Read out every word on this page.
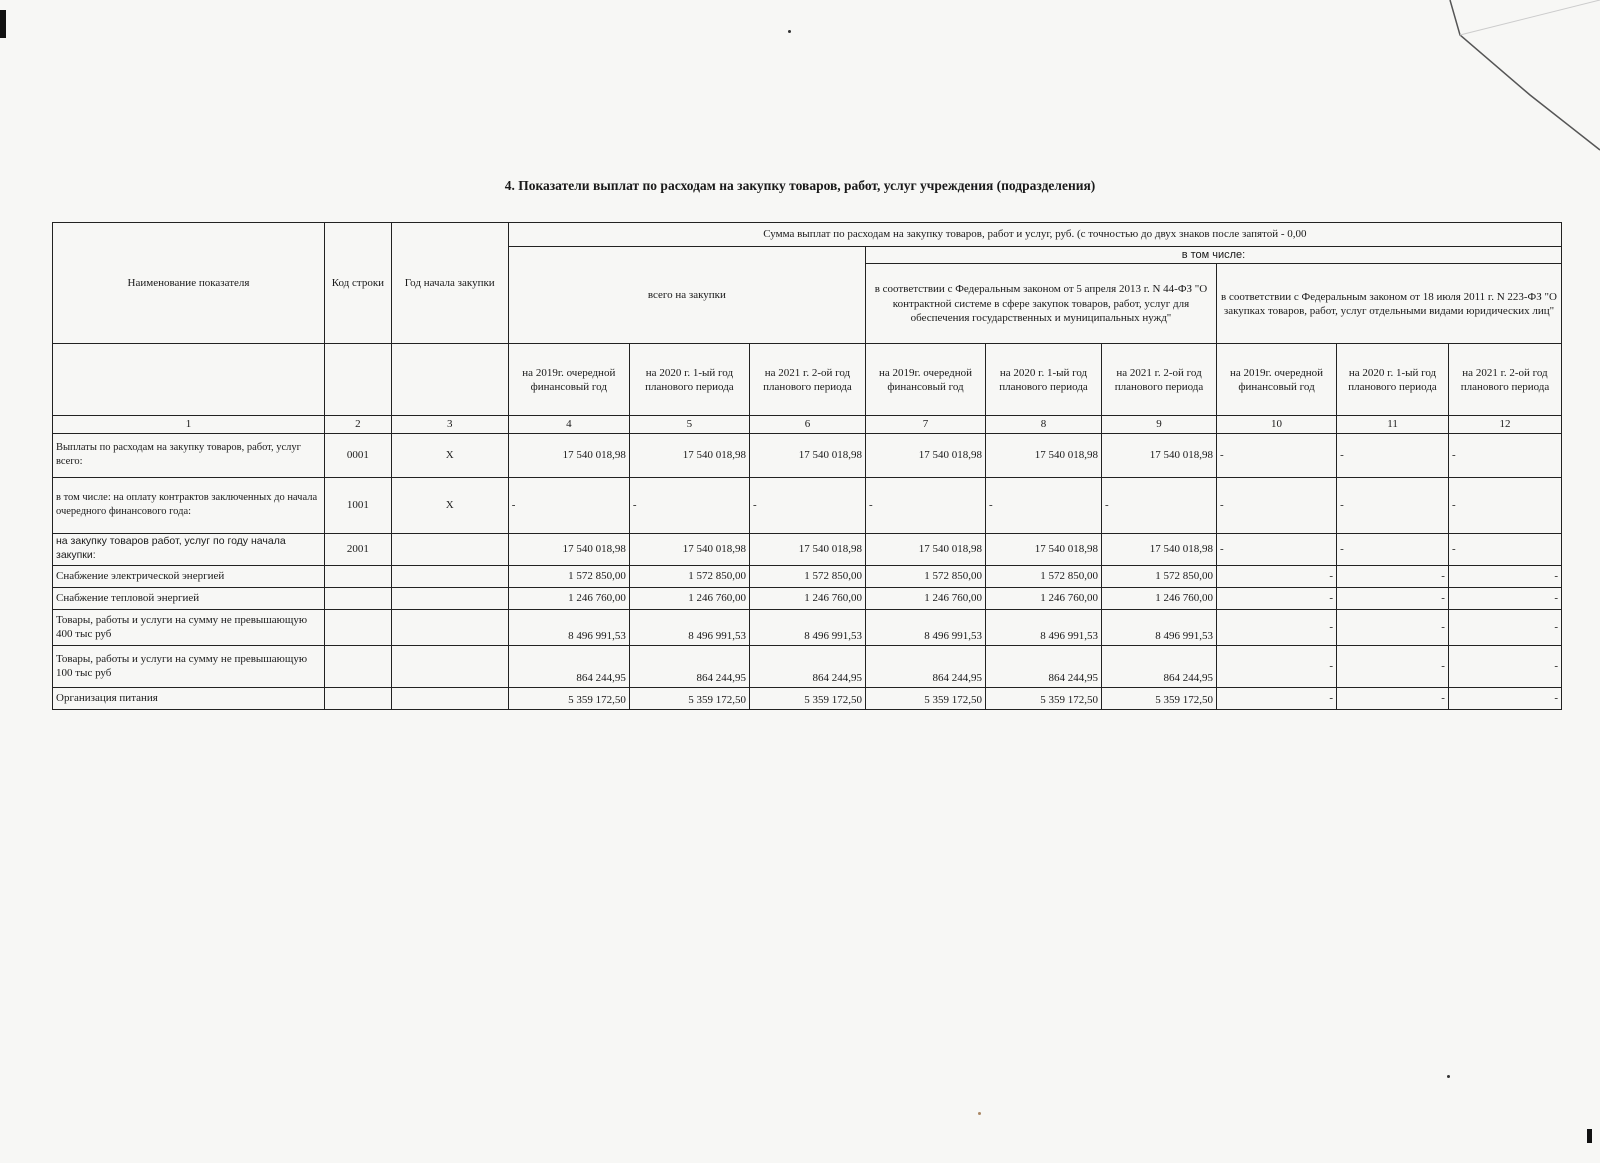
4. Показатели выплат по расходам на закупку товаров, работ, услуг учреждения (подразделения)
Наименование показателя	Код строки	Год начала закупки	Сумма выплат по расходам на закупку товаров, работ и услуг, руб. (с точностью до двух знаков после запятой - 0,00								
			всего на закупки			в том числе:					
						в соответствии с Федеральным законом от 5 апреля 2013 г. N 44-ФЗ "О контрактной системе в сфере закупок товаров, работ, услуг для обеспечения государственных и муниципальных нужд"			в соответствии с Федеральным законом от 18 июля 2011 г. N 223-ФЗ "О закупках товаров, работ, услуг отдельными видами юридических лиц"		
			на 2019г. очередной финансовый год	на 2020 г. 1-ый год планового периода	на 2021 г. 2-ой год планового периода	на 2019г. очередной финансовый год	на 2020 г. 1-ый год планового периода	на 2021 г. 2-ой год планового периода	на 2019г. очередной финансовый год	на 2020 г. 1-ый год планового периода	на 2021 г. 2-ой год планового периода
1	2	3	4	5	6	7	8	9	10	11	12
Выплаты по расходам на закупку товаров, работ, услуг всего:	0001	X	17 540 018,98	17 540 018,98	17 540 018,98	17 540 018,98	17 540 018,98	17 540 018,98	-	-	-
в том числе: на оплату контрактов заключенных до начала очередного финансового года:	1001	X	-	-	-	-	-	-	-	-	-
на закупку товаров работ, услуг по году начала закупки:	2001		17 540 018,98	17 540 018,98	17 540 018,98	17 540 018,98	17 540 018,98	17 540 018,98	-	-	-
Снабжение электрической энергией			1 572 850,00	1 572 850,00	1 572 850,00	1 572 850,00	1 572 850,00	1 572 850,00	-	-	-
Снабжение тепловой энергией			1 246 760,00	1 246 760,00	1 246 760,00	1 246 760,00	1 246 760,00	1 246 760,00	-	-	-
Товары, работы и услуги на сумму не превышающую 400 тыс руб			8 496 991,53	8 496 991,53	8 496 991,53	8 496 991,53	8 496 991,53	8 496 991,53	-	-	-
Товары, работы и услуги на сумму не превышающую 100 тыс руб			864 244,95	864 244,95	864 244,95	864 244,95	864 244,95	864 244,95	-	-	-
Организация питания			5 359 172,50	5 359 172,50	5 359 172,50	5 359 172,50	5 359 172,50	5 359 172,50	-	-	-
